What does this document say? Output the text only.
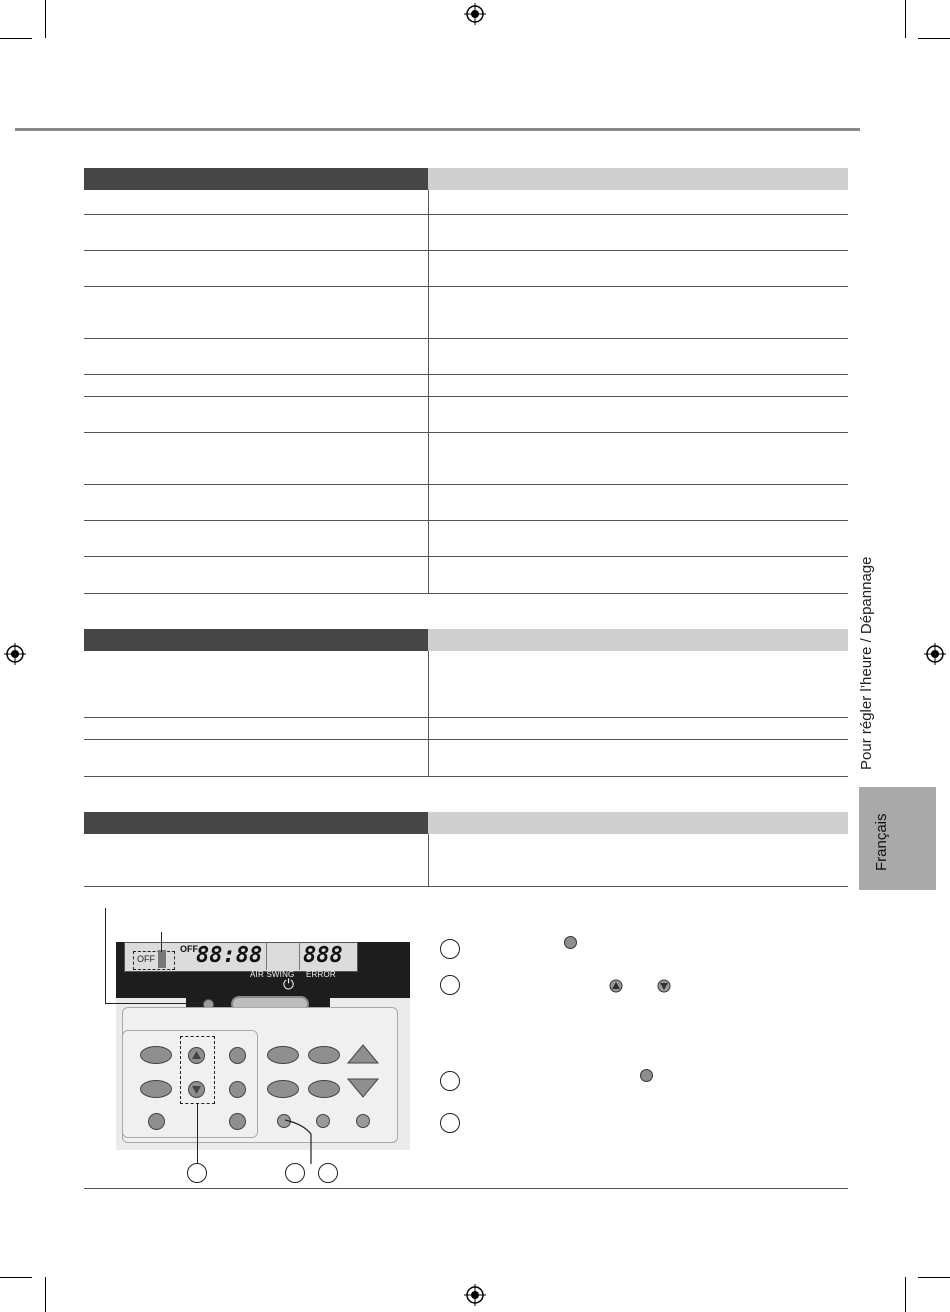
Pour régler l’heure / Dépannage
Français
OFF
88:88 888
OFF
AIR SWING ERROR
⏻
